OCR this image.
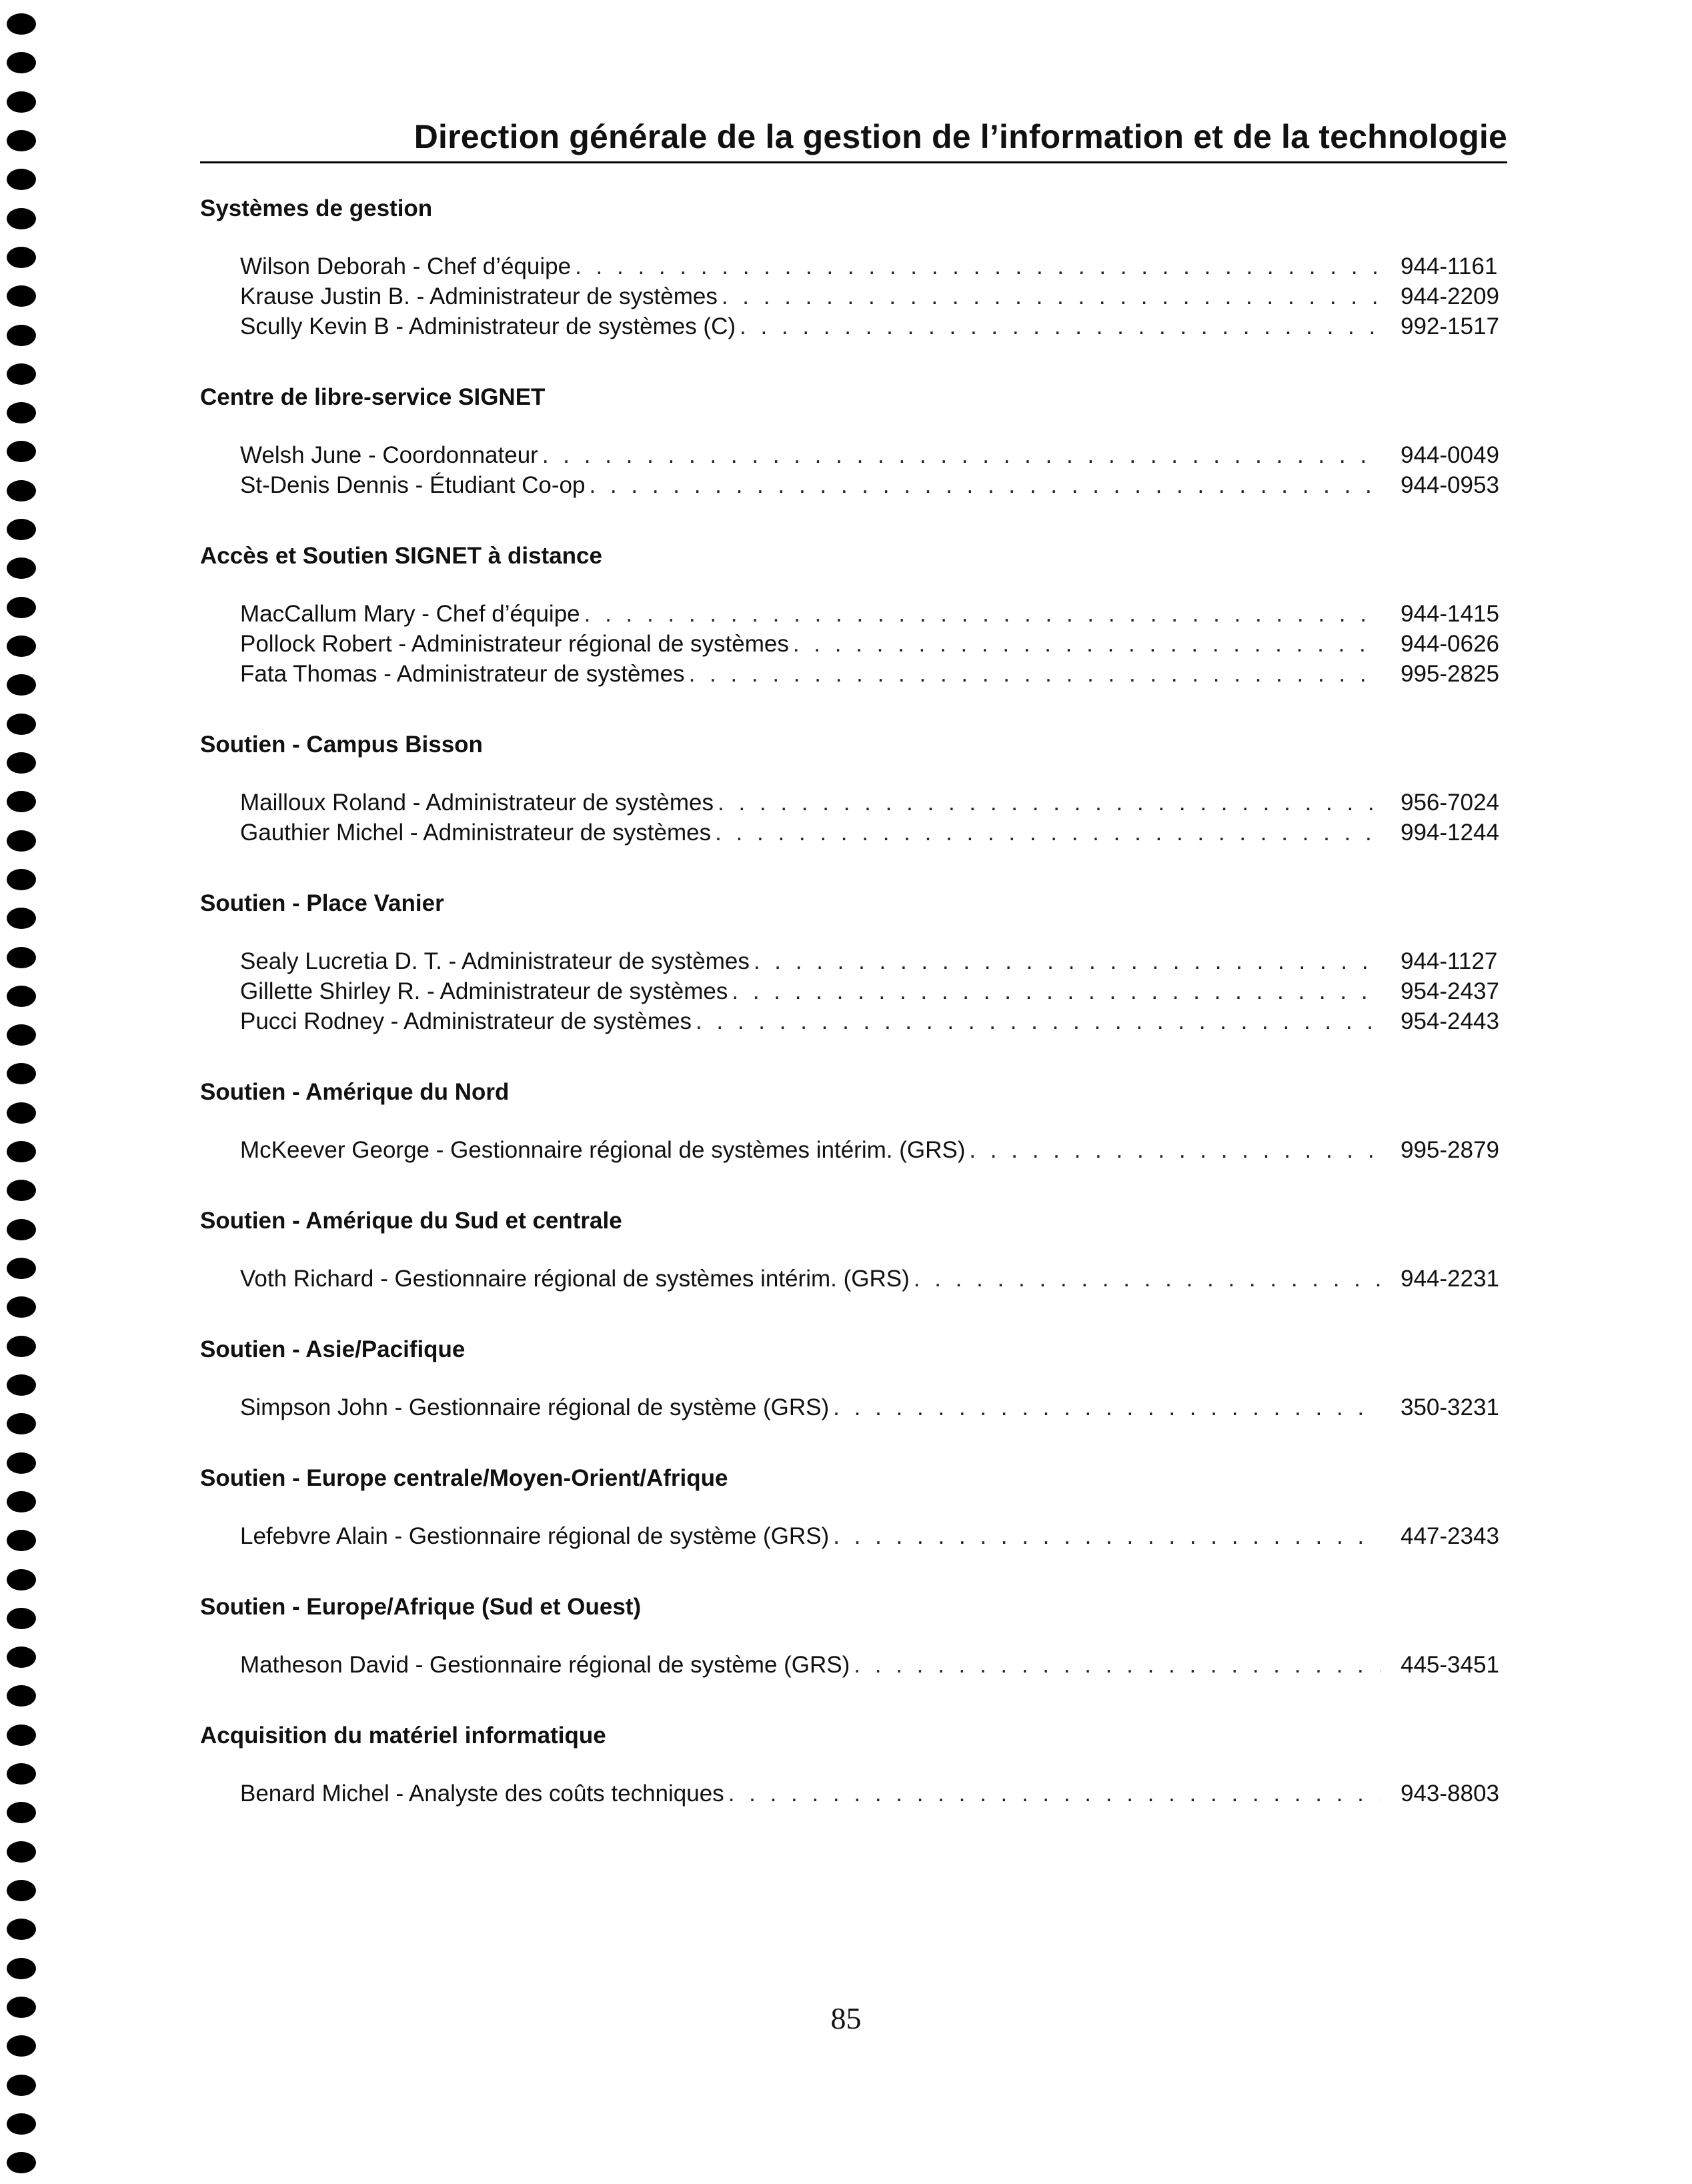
Direction générale de la gestion de l’information et de la technologie
Systèmes de gestion
Wilson Deborah - Chef d’équipe . . .	944-1161
Krause Justin B. - Administrateur de systèmes . . .	944-2209
Scully Kevin B - Administrateur de systèmes (C) . . .	992-1517
Centre de libre-service SIGNET
Welsh June - Coordonnateur . . .	944-0049
St-Denis Dennis - Étudiant Co-op . . .	944-0953
Accès et Soutien SIGNET à distance
MacCallum Mary - Chef d’équipe . . .	944-1415
Pollock Robert - Administrateur régional de systèmes . . .	944-0626
Fata Thomas - Administrateur de systèmes . . .	995-2825
Soutien - Campus Bisson
Mailloux Roland - Administrateur de systèmes . . .	956-7024
Gauthier Michel - Administrateur de systèmes . . .	994-1244
Soutien - Place Vanier
Sealy Lucretia D. T. - Administrateur de systèmes . . .	944-1127
Gillette Shirley R. - Administrateur de systèmes . . .	954-2437
Pucci Rodney - Administrateur de systèmes . . .	954-2443
Soutien - Amérique du Nord
McKeever George - Gestionnaire régional de systèmes intérim. (GRS) . . .	995-2879
Soutien - Amérique du Sud et centrale
Voth Richard - Gestionnaire régional de systèmes intérim. (GRS) . . .	944-2231
Soutien - Asie/Pacifique
Simpson John - Gestionnaire régional de système (GRS) . . .	350-3231
Soutien - Europe centrale/Moyen-Orient/Afrique
Lefebvre Alain - Gestionnaire régional de système (GRS) . . .	447-2343
Soutien - Europe/Afrique (Sud et Ouest)
Matheson David - Gestionnaire régional de système (GRS) . . .	445-3451
Acquisition du matériel informatique
Benard Michel - Analyste des coûts techniques . . .	943-8803
85
